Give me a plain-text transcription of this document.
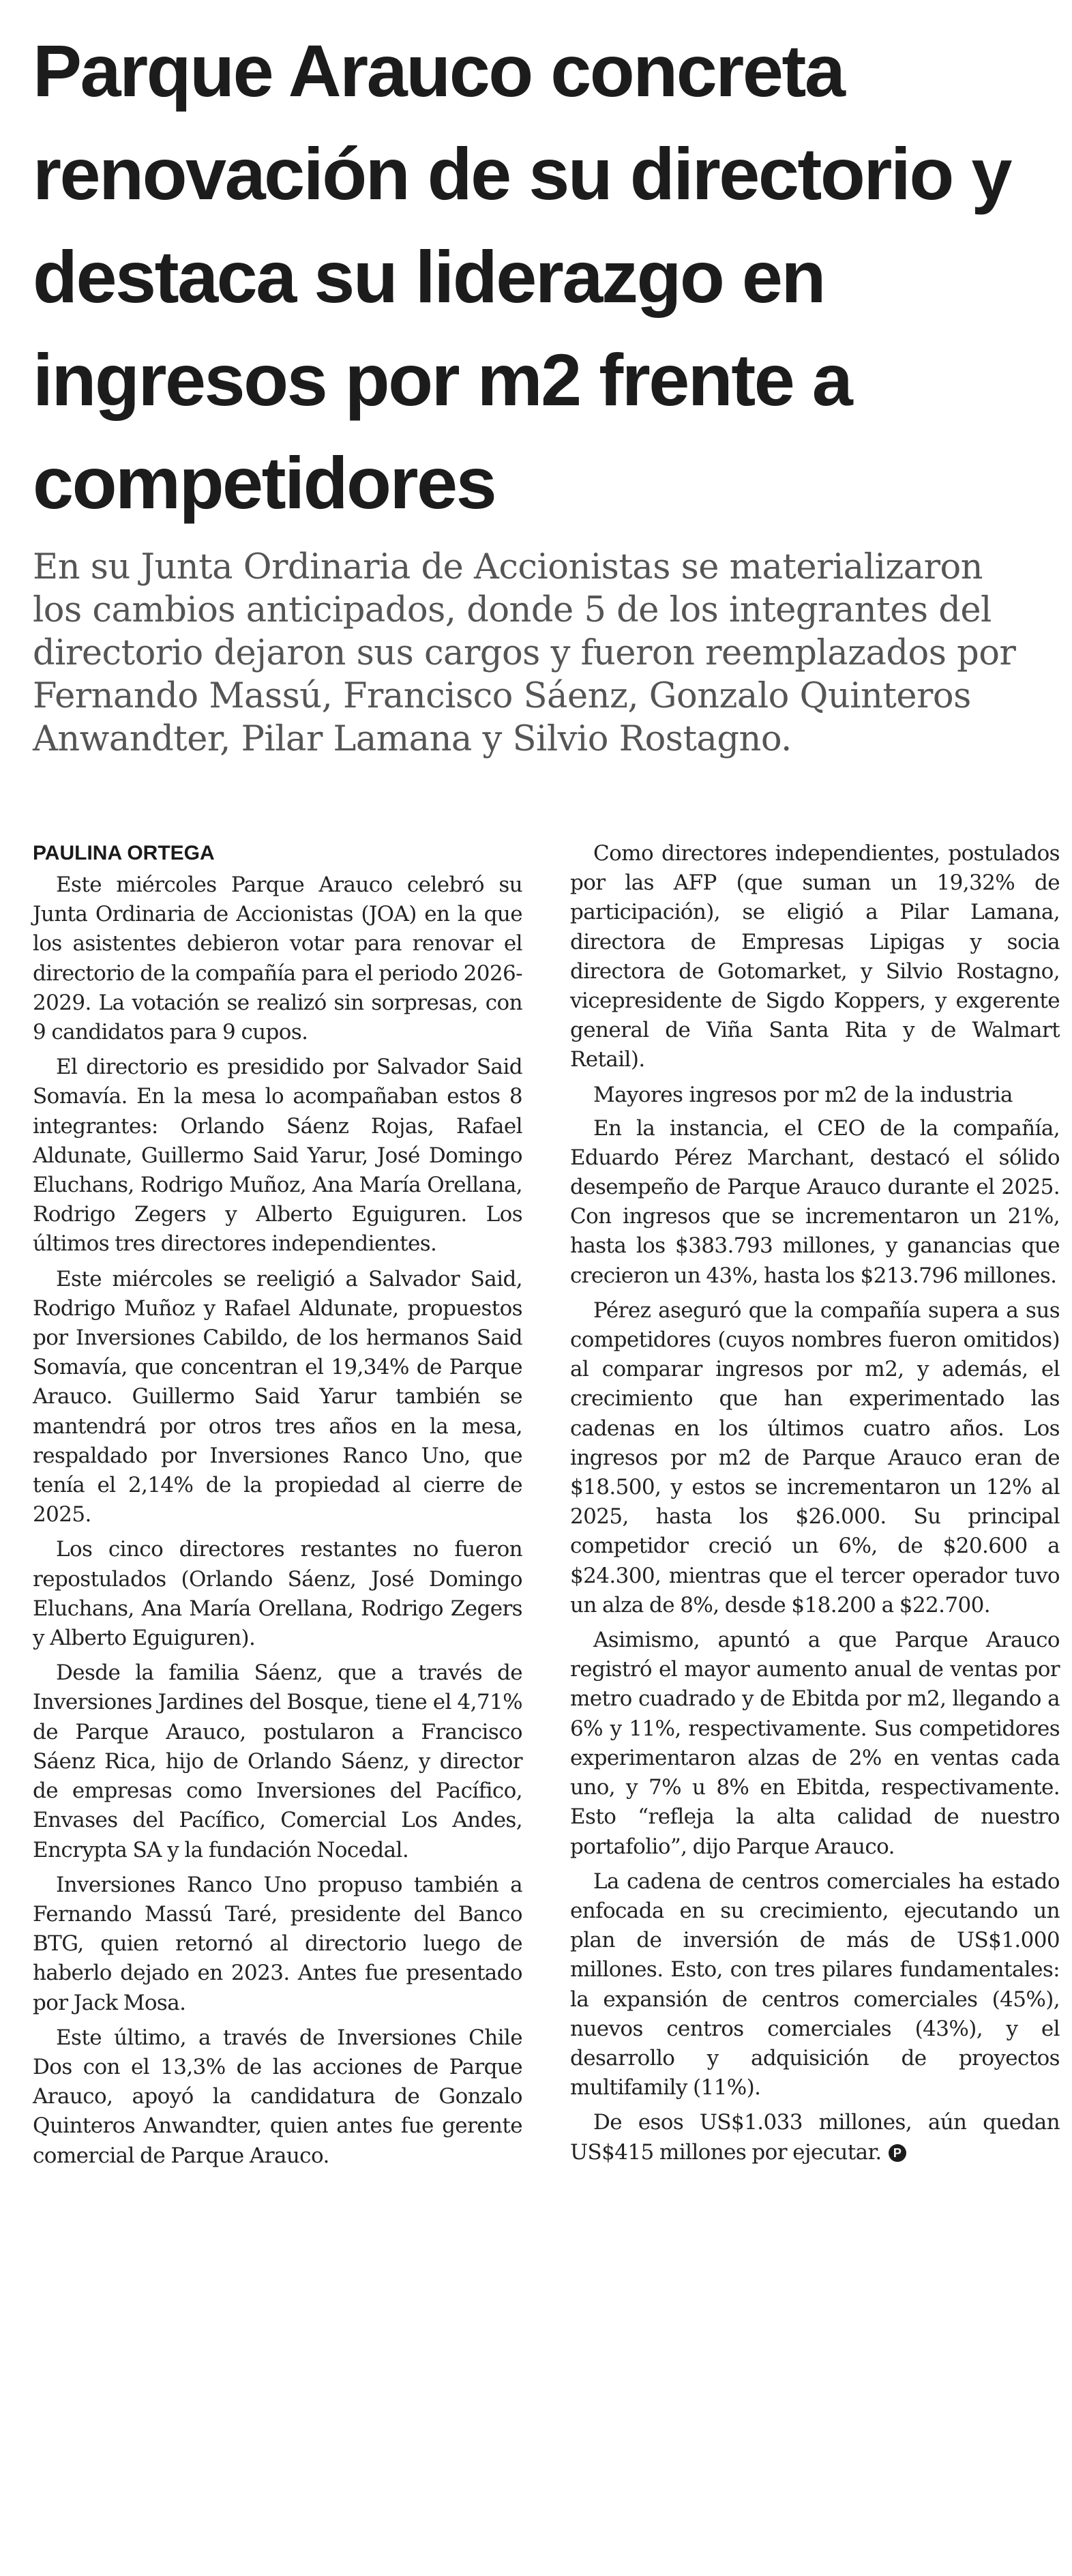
Parque Arauco concreta renovación de su directorio y destaca su liderazgo en ingresos por m2 frente a competidores

En su Junta Ordinaria de Accionistas se materializaron los cambios anticipados, donde 5 de los integrantes del directorio dejaron sus cargos y fueron reemplazados por Fernando Massú, Francisco Sáenz, Gonzalo Quinteros Anwandter, Pilar Lamana y Silvio Rostagno.

PAULINA ORTEGA

Este miércoles Parque Arauco celebró su Junta Ordinaria de Accionistas (JOA) en la que los asistentes debieron votar para renovar el directorio de la compañía para el periodo 2026-2029. La votación se realizó sin sorpresas, con 9 candidatos para 9 cupos.

El directorio es presidido por Salvador Said Somavía. En la mesa lo acompañaban estos 8 integrantes: Orlando Sáenz Rojas, Rafael Aldunate, Guillermo Said Yarur, José Domingo Eluchans, Rodrigo Muñoz, Ana María Orellana, Rodrigo Zegers y Alberto Eguiguren. Los últimos tres directores independientes.

Este miércoles se reeligió a Salvador Said, Rodrigo Muñoz y Rafael Aldunate, propuestos por Inversiones Cabildo, de los hermanos Said Somavía, que concentran el 19,34% de Parque Arauco. Guillermo Said Yarur también se mantendrá por otros tres años en la mesa, respaldado por Inversiones Ranco Uno, que tenía el 2,14% de la propiedad al cierre de 2025.

Los cinco directores restantes no fueron repostulados (Orlando Sáenz, José Domingo Eluchans, Ana María Orellana, Rodrigo Zegers y Alberto Eguiguren).

Desde la familia Sáenz, que a través de Inversiones Jardines del Bosque, tiene el 4,71% de Parque Arauco, postularon a Francisco Sáenz Rica, hijo de Orlando Sáenz, y director de empresas como Inversiones del Pacífico, Envases del Pacífico, Comercial Los Andes, Encrypta SA y la fundación Nocedal.

Inversiones Ranco Uno propuso también a Fernando Massú Taré, presidente del Banco BTG, quien retornó al directorio luego de haberlo dejado en 2023. Antes fue presentado por Jack Mosa.

Este último, a través de Inversiones Chile Dos con el 13,3% de las acciones de Parque Arauco, apoyó la candidatura de Gonzalo Quinteros Anwandter, quien antes fue gerente comercial de Parque Arauco.

Como directores independientes, postulados por las AFP (que suman un 19,32% de participación), se eligió a Pilar Lamana, directora de Empresas Lipigas y socia directora de Gotomarket, y Silvio Rostagno, vicepresidente de Sigdo Koppers, y exgerente general de Viña Santa Rita y de Walmart Retail).

Mayores ingresos por m2 de la industria

En la instancia, el CEO de la compañía, Eduardo Pérez Marchant, destacó el sólido desempeño de Parque Arauco durante el 2025. Con ingresos que se incrementaron un 21%, hasta los $383.793 millones, y ganancias que crecieron un 43%, hasta los $213.796 millones.

Pérez aseguró que la compañía supera a sus competidores (cuyos nombres fueron omitidos) al comparar ingresos por m2, y además, el crecimiento que han experimentado las cadenas en los últimos cuatro años. Los ingresos por m2 de Parque Arauco eran de $18.500, y estos se incrementaron un 12% al 2025, hasta los $26.000. Su principal competidor creció un 6%, de $20.600 a $24.300, mientras que el tercer operador tuvo un alza de 8%, desde $18.200 a $22.700.

Asimismo, apuntó a que Parque Arauco registró el mayor aumento anual de ventas por metro cuadrado y de Ebitda por m2, llegando a 6% y 11%, respectivamente. Sus competidores experimentaron alzas de 2% en ventas cada uno, y 7% u 8% en Ebitda, respectivamente. Esto “refleja la alta calidad de nuestro portafolio”, dijo Parque Arauco.

La cadena de centros comerciales ha estado enfocada en su crecimiento, ejecutando un plan de inversión de más de US$1.000 millones. Esto, con tres pilares fundamentales: la expansión de centros comerciales (45%), nuevos centros comerciales (43%), y el desarrollo y adquisición de proyectos multifamily (11%).

De esos US$1.033 millones, aún quedan US$415 millones por ejecutar. P
